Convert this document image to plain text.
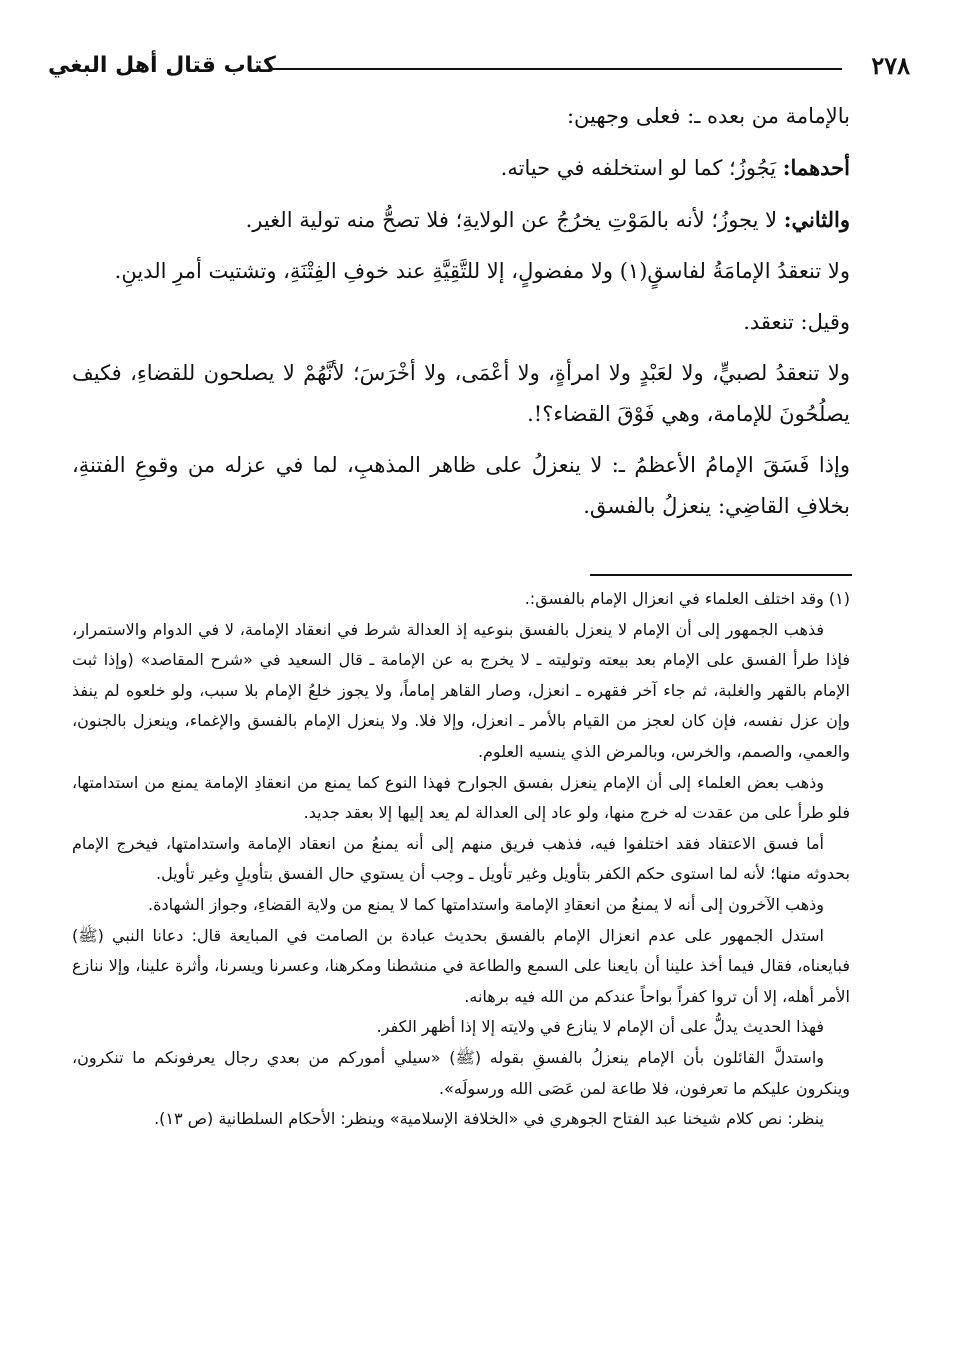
٢٧٨
كتاب قتال أهل البغي

بالإمامة من بعده ـ: فعلى وجهين:

أحدهما: يَجُوزُ؛ كما لو استخلفه في حياته.

والثاني: لا يجوزُ؛ لأنه بالمَوْتِ يخرُجُ عن الولايةِ؛ فلا تصحُّ منه تولية الغير.

ولا تنعقدُ الإمامَةُ لفاسقٍ(١) ولا مفضولٍ، إلا للتَّقِيَّةِ عند خوفِ الفِتْنَةِ، وتشتيت أمرِ الدينِ.

وقيل: تنعقد.

ولا تنعقدُ لصبيٍّ، ولا لعَبْدٍ ولا امرأةٍ، ولا أعْمَى، ولا أخْرَسَ؛ لأنَّهُمْ لا يصلحون للقضاءِ، فكيف يصلُحُونَ للإمامة، وهي فَوْقَ القضاء؟!.

وإذا فَسَقَ الإمامُ الأعظمُ ـ: لا ينعزلُ على ظاهر المذهبِ، لما في عزله من وقوعِ الفتنةِ، بخلافِ القاضِي: ينعزلُ بالفسق.

(١) وقد اختلف العلماء في انعزال الإمام بالفسق:.

فذهب الجمهور إلى أن الإمام لا ينعزل بالفسق بنوعيه إذ العدالة شرط في انعقاد الإمامة، لا في الدوام والاستمرار، فإذا طرأ الفسق على الإمام بعد بيعته وتوليته ـ لا يخرج به عن الإمامة ـ قال السعيد في «شرح المقاصد» (وإذا ثبت الإمام بالقهر والغلبة، ثم جاء آخر فقهره ـ انعزل، وصار القاهر إماماً، ولا يجوز خلعُ الإمام بلا سبب، ولو خلعوه لم ينفذ وإن عزل نفسه، فإن كان لعجز من القيام بالأمر ـ انعزل، وإلا فلا. ولا ينعزل الإمام بالفسق والإغماء، وينعزل بالجنون، والعمي، والصمم، والخرس، وبالمرض الذي ينسيه العلوم.

وذهب بعض العلماء إلى أن الإمام ينعزل بفسق الجوارح فهذا النوع كما يمنع من انعقادِ الإمامة يمنع من استدامتها، فلو طرأ على من عقدت له خرج منها، ولو عاد إلى العدالة لم يعد إليها إلا بعقد جديد.

أما فسق الاعتقاد فقد اختلفوا فيه، فذهب فريق منهم إلى أنه يمنعُ من انعقاد الإمامة واستدامتها، فيخرج الإمام بحدوثه منها؛ لأنه لما استوى حكم الكفر بتأويل وغير تأويل ـ وجب أن يستوي حال الفسق بتأويلٍ وغير تأويل.

وذهب الآخرون إلى أنه لا يمنعُ من انعقادِ الإمامة واستدامتها كما لا يمنع من ولاية القضاءِ، وجواز الشهادة.

استدل الجمهور على عدم انعزال الإمام بالفسق بحديث عبادة بن الصامت في المبايعة قال: دعانا النبي (ﷺ) فبايعناه، فقال فيما أخذ علينا أن بايعنا على السمع والطاعة في منشطنا ومكرهنا، وعسرنا ويسرنا، وأثرة علينا، وإلا ننازع الأمر أهله، إلا أن تروا كفراً بواحاً عندكم من الله فيه برهانه.

فهذا الحديث يدلُّ على أن الإمام لا ينازع في ولايته إلا إذا أظهر الكفر.

واستدلَّ القائلون بأن الإمام ينعزلُ بالفسقِ بقوله (ﷺ) «سيلي أموركم من بعدي رجال يعرفونكم ما تنكرون، وينكرون عليكم ما تعرفون، فلا طاعة لمن عَصَى الله ورسولَه».

ينظر: نص كلام شيخنا عبد الفتاح الجوهري في «الخلافة الإسلامية» وينظر: الأحكام السلطانية (ص ١٣).
